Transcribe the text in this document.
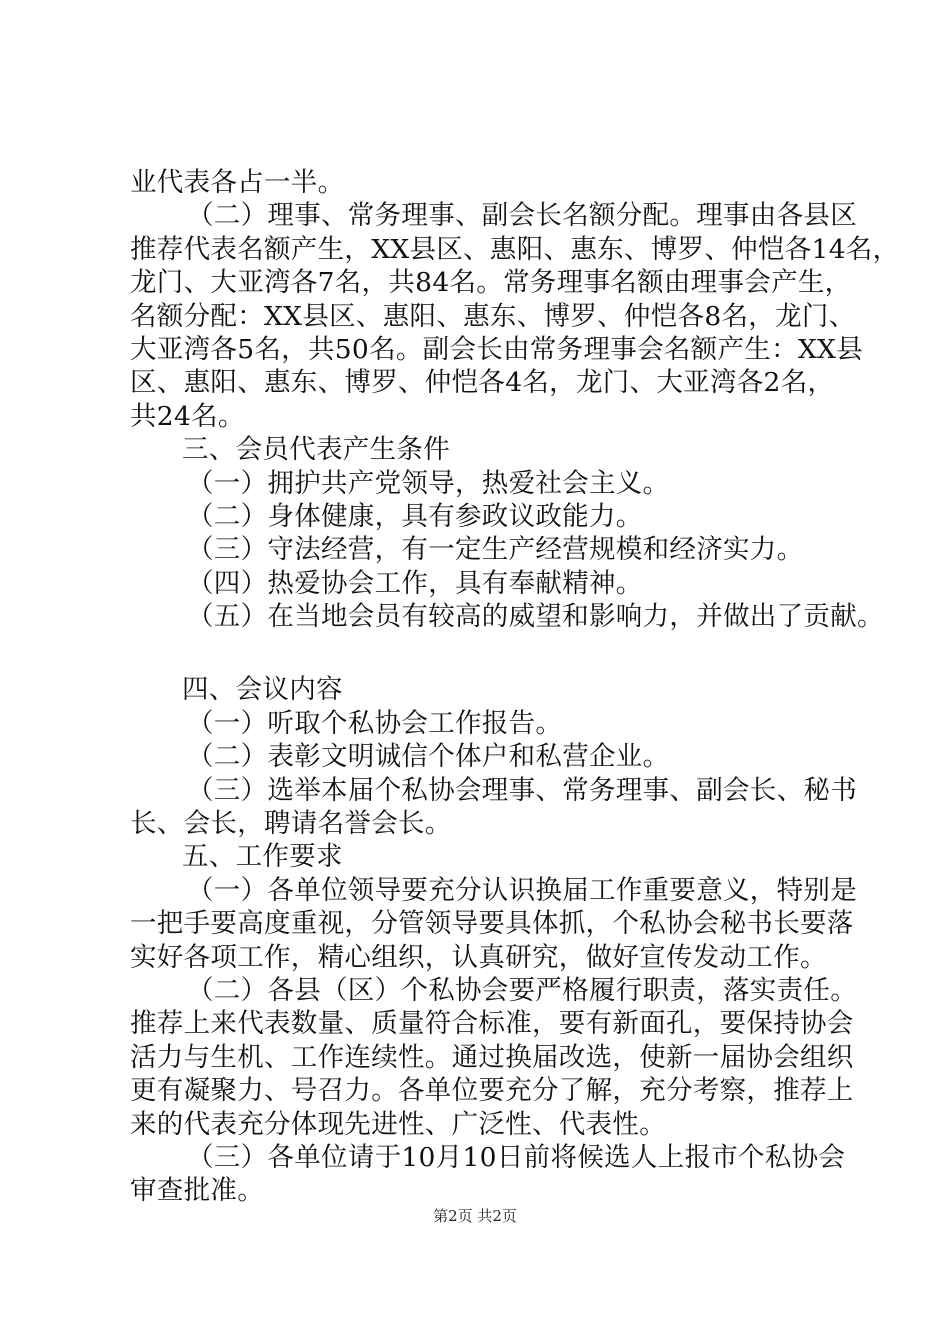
业代表各占一半。
（二）理事、常务理事、副会长名额分配。理事由各县区
推荐代表名额产生，XX县区、惠阳、惠东、博罗、仲恺各14名，
龙门、大亚湾各7名，共84名。常务理事名额由理事会产生，
名额分配：XX县区、惠阳、惠东、博罗、仲恺各8名，龙门、
大亚湾各5名，共50名。副会长由常务理事会名额产生：XX县
区、惠阳、惠东、博罗、仲恺各4名，龙门、大亚湾各2名，
共24名。
三、会员代表产生条件
（一）拥护共产党领导，热爱社会主义。
（二）身体健康，具有参政议政能力。
（三）守法经营，有一定生产经营规模和经济实力。
（四）热爱协会工作，具有奉献精神。
（五）在当地会员有较高的威望和影响力，并做出了贡献。
四、会议内容
（一）听取个私协会工作报告。
（二）表彰文明诚信个体户和私营企业。
（三）选举本届个私协会理事、常务理事、副会长、秘书
长、会长，聘请名誉会长。
五、工作要求
（一）各单位领导要充分认识换届工作重要意义，特别是
一把手要高度重视，分管领导要具体抓，个私协会秘书长要落
实好各项工作，精心组织，认真研究，做好宣传发动工作。
（二）各县（区）个私协会要严格履行职责，落实责任。
推荐上来代表数量、质量符合标准，要有新面孔，要保持协会
活力与生机、工作连续性。通过换届改选，使新一届协会组织
更有凝聚力、号召力。各单位要充分了解，充分考察，推荐上
来的代表充分体现先进性、广泛性、代表性。
（三）各单位请于10月10日前将候选人上报市个私协会
审查批准。
第2页 共2页
